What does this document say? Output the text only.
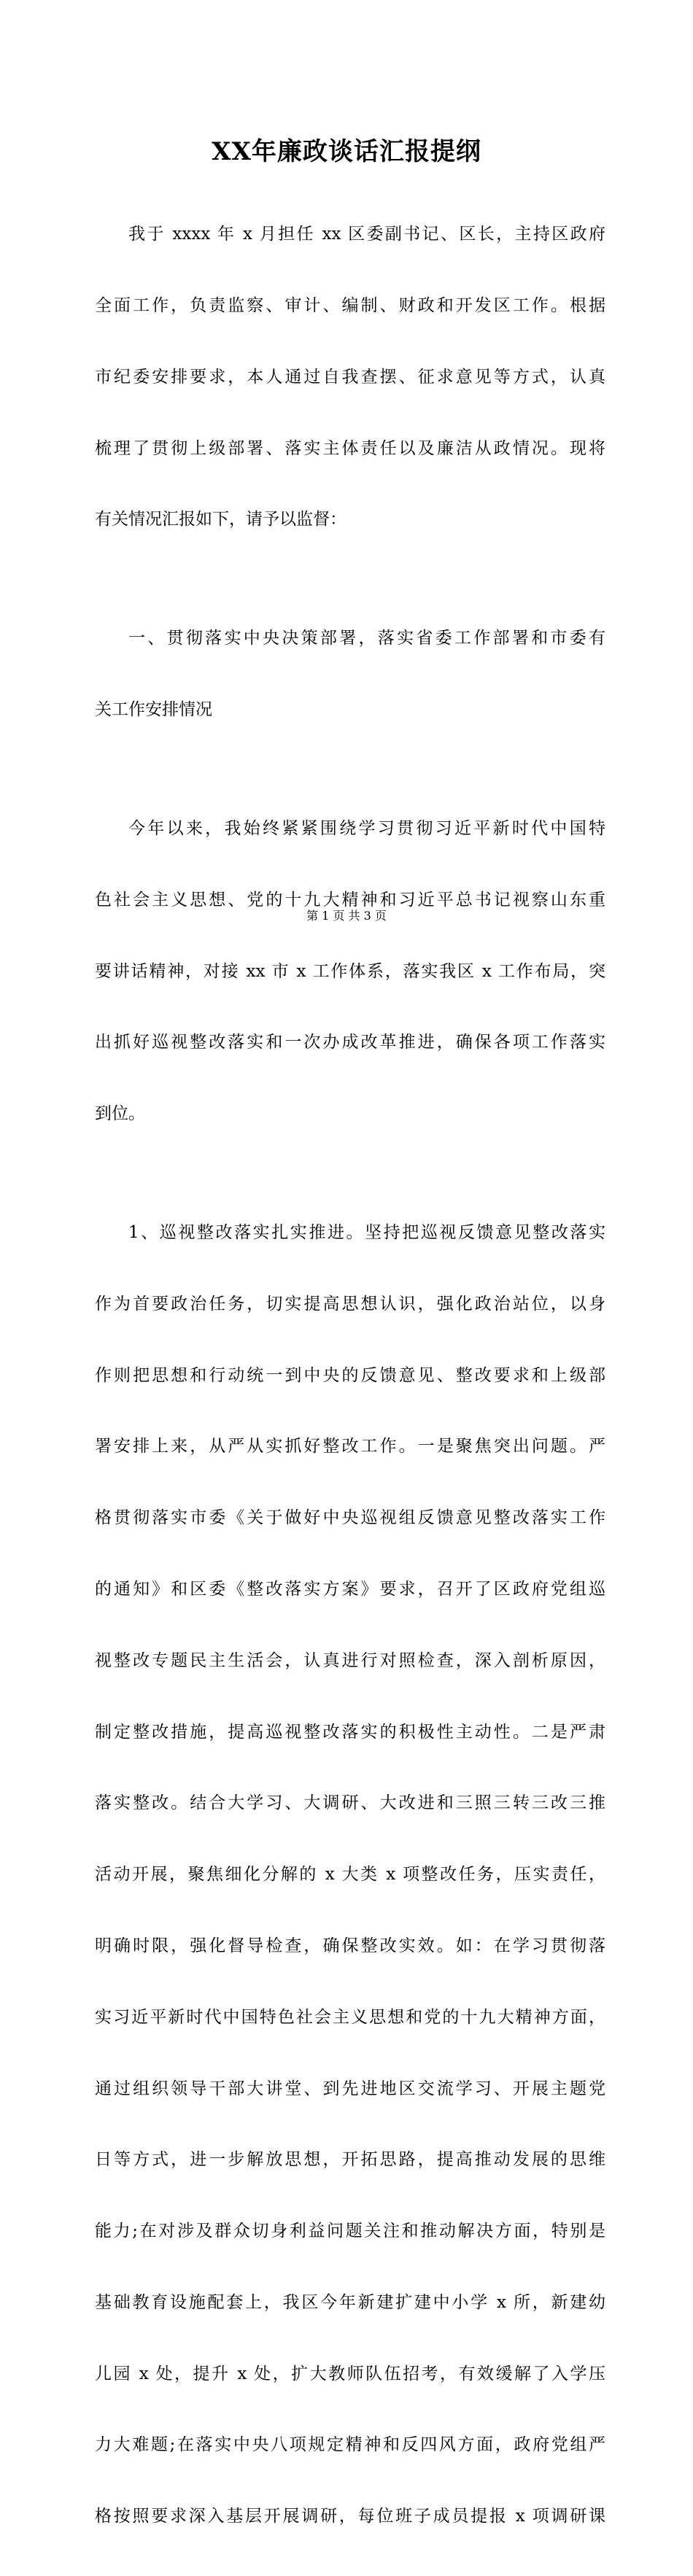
XX年廉政谈话汇报提纲

我于 xxxx 年 x 月担任 xx 区委副书记、区长，主持区政府

全面工作，负责监察、审计、编制、财政和开发区工作。根据

市纪委安排要求，本人通过自我查摆、征求意见等方式，认真

梳理了贯彻上级部署、落实主体责任以及廉洁从政情况。现将

有关情况汇报如下，请予以监督：

一、贯彻落实中央决策部署，落实省委工作部署和市委有

关工作安排情况

今年以来，我始终紧紧围绕学习贯彻习近平新时代中国特

色社会主义思想、党的十九大精神和习近平总书记视察山东重

要讲话精神，对接 xx 市 x 工作体系，落实我区 x 工作布局，突

出抓好巡视整改落实和一次办成改革推进，确保各项工作落实

到位。

1、巡视整改落实扎实推进。坚持把巡视反馈意见整改落实

作为首要政治任务，切实提高思想认识，强化政治站位，以身

作则把思想和行动统一到中央的反馈意见、整改要求和上级部

署安排上来，从严从实抓好整改工作。一是聚焦突出问题。严

格贯彻落实市委《关于做好中央巡视组反馈意见整改落实工作

的通知》和区委《整改落实方案》要求，召开了区政府党组巡

视整改专题民主生活会，认真进行对照检查，深入剖析原因，

制定整改措施，提高巡视整改落实的积极性主动性。二是严肃

落实整改。结合大学习、大调研、大改进和三照三转三改三推

活动开展，聚焦细化分解的 x 大类 x 项整改任务，压实责任，

明确时限，强化督导检查，确保整改实效。如：在学习贯彻落

实习近平新时代中国特色社会主义思想和党的十九大精神方面，

通过组织领导干部大讲堂、到先进地区交流学习、开展主题党

日等方式，进一步解放思想，开拓思路，提高推动发展的思维

能力;在对涉及群众切身利益问题关注和推动解决方面，特别是

基础教育设施配套上，我区今年新建扩建中小学 x 所，新建幼

儿园 x 处，提升 x 处，扩大教师队伍招考，有效缓解了入学压

力大难题;在落实中央八项规定精神和反四风方面，政府党组严

格按照要求深入基层开展调研，每位班子成员提报 x 项调研课

第 1 页 共 3 页
